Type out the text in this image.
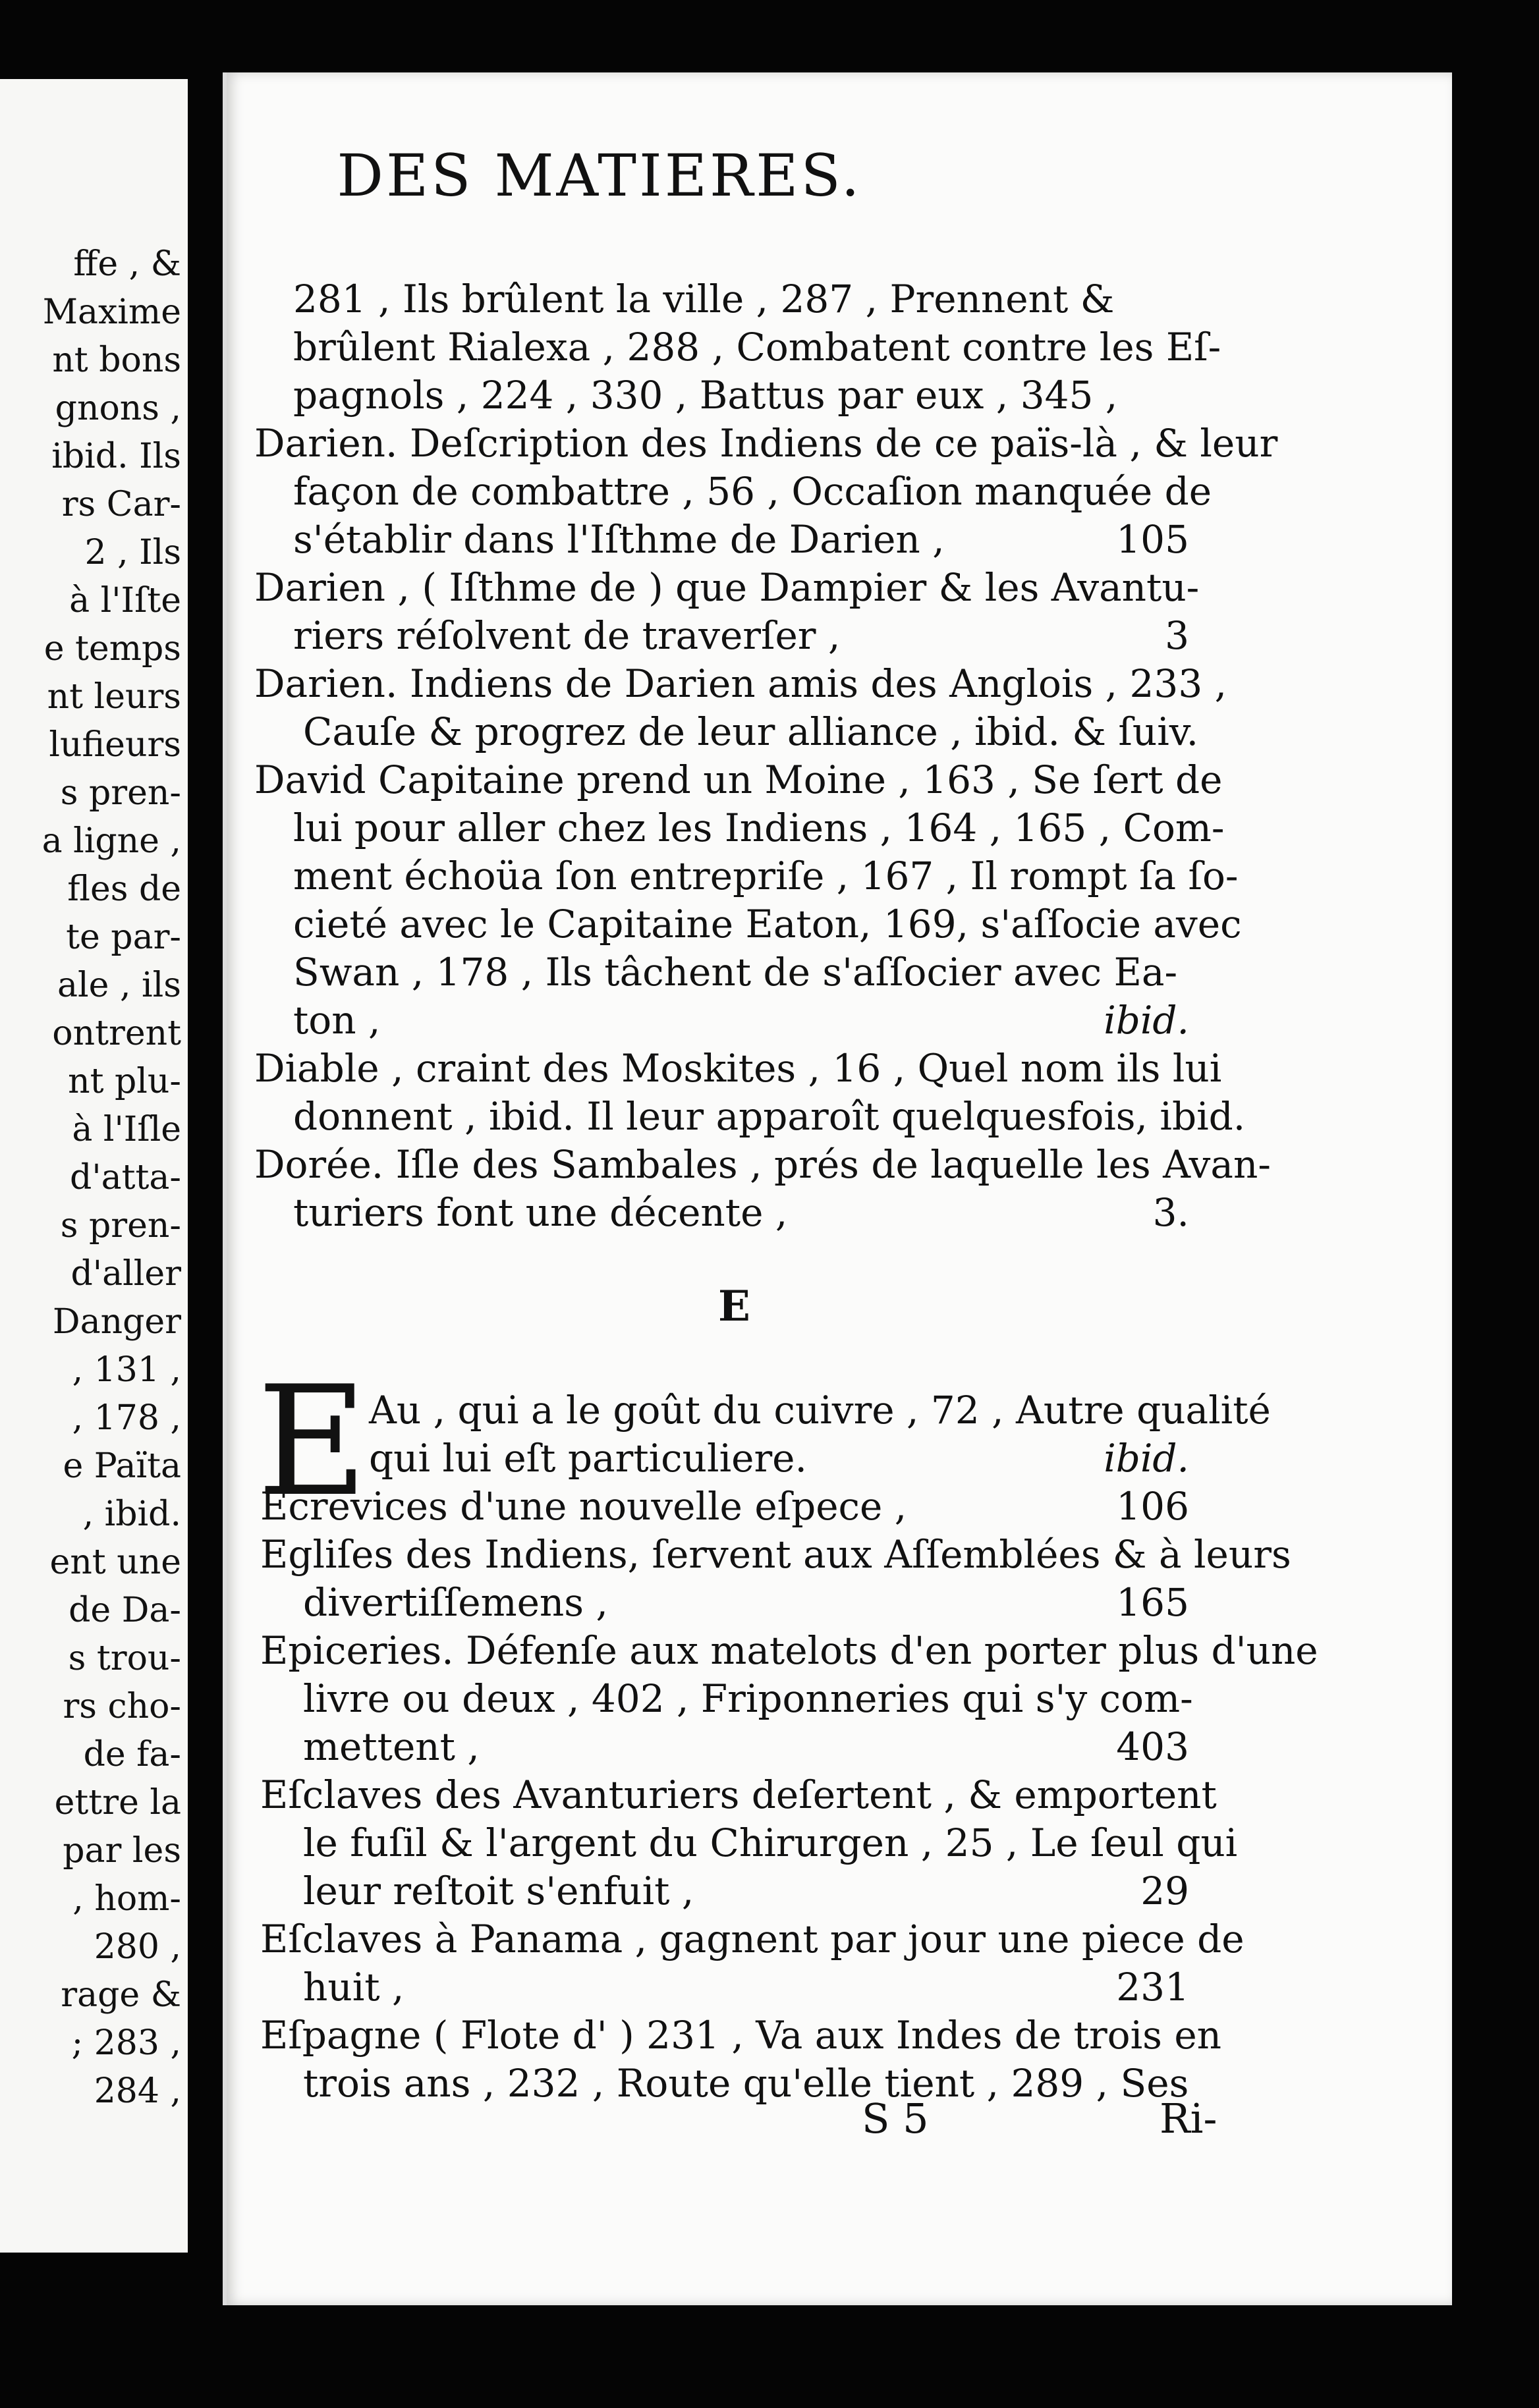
ffe , &
Maxime
nt bons
gnons ,
ibid. Ils
rs Car-
2 , Ils
à l'Iſte
e temps
nt leurs
lufieurs
s pren-
a ligne ,
fles de
te par-
ale , ils
ontrent
nt plu-
à l'Iſle
d'atta-
s pren-
d'aller
Danger
, 131 ,
, 178 ,
e Païta
, ibid.
ent une
de Da-
s trou-
rs cho-
de fa-
ettre la
par les
, hom-
280 ,
rage &
; 283 ,
284 ,
DES MATIERES.
281 , Ils brûlent la ville , 287 , Prennent &
brûlent Rialexa , 288 , Combatent contre les Eſ-
pagnols , 224 , 330 , Battus par eux , 345 ,
Darien. Deſcription des Indiens de ce païs-là , & leur
façon de combattre , 56 , Occaſion manquée de
s'établir dans l'Iſthme de Darien ,	105
Darien , ( Iſthme de ) que Dampier & les Avantu-
riers réſolvent de traverſer ,	3
Darien. Indiens de Darien amis des Anglois , 233 ,
Cauſe & progrez de leur alliance , ibid. & ſuiv.
David Capitaine prend un Moine , 163 , Se ſert de
lui pour aller chez les Indiens , 164 , 165 , Com-
ment échoüa ſon entrepriſe , 167 , Il rompt ſa ſo-
cieté avec le Capitaine Eaton, 169, s'aſſocie avec
Swan , 178 , Ils tâchent de s'aſſocier avec Ea-
ton ,	ibid.
Diable , craint des Moskites , 16 , Quel nom ils lui
donnent , ibid. Il leur apparoît quelquesfois, ibid.
Dorée. Iſle des Sambales , prés de laquelle les Avan-
turiers font une décente ,	3.
E
E Au , qui a le goût du cuivre , 72 , Autre qualité
qui lui eſt particuliere.	ibid.
Ecrevices d'une nouvelle eſpece ,	106
Egliſes des Indiens, ſervent aux Aſſemblées & à leurs
divertiſſemens ,	165
Epiceries. Défenſe aux matelots d'en porter plus d'une
livre ou deux , 402 , Friponneries qui s'y com-
mettent ,	403
Eſclaves des Avanturiers deſertent , & emportent
le fuſil & l'argent du Chirurgen , 25 , Le ſeul qui
leur reſtoit s'enfuit ,	29
Eſclaves à Panama , gagnent par jour une piece de
huit ,	231
Eſpagne ( Flote d' ) 231 , Va aux Indes de trois en
trois ans , 232 , Route qu'elle tient , 289 , Ses
S 5	Ri-
